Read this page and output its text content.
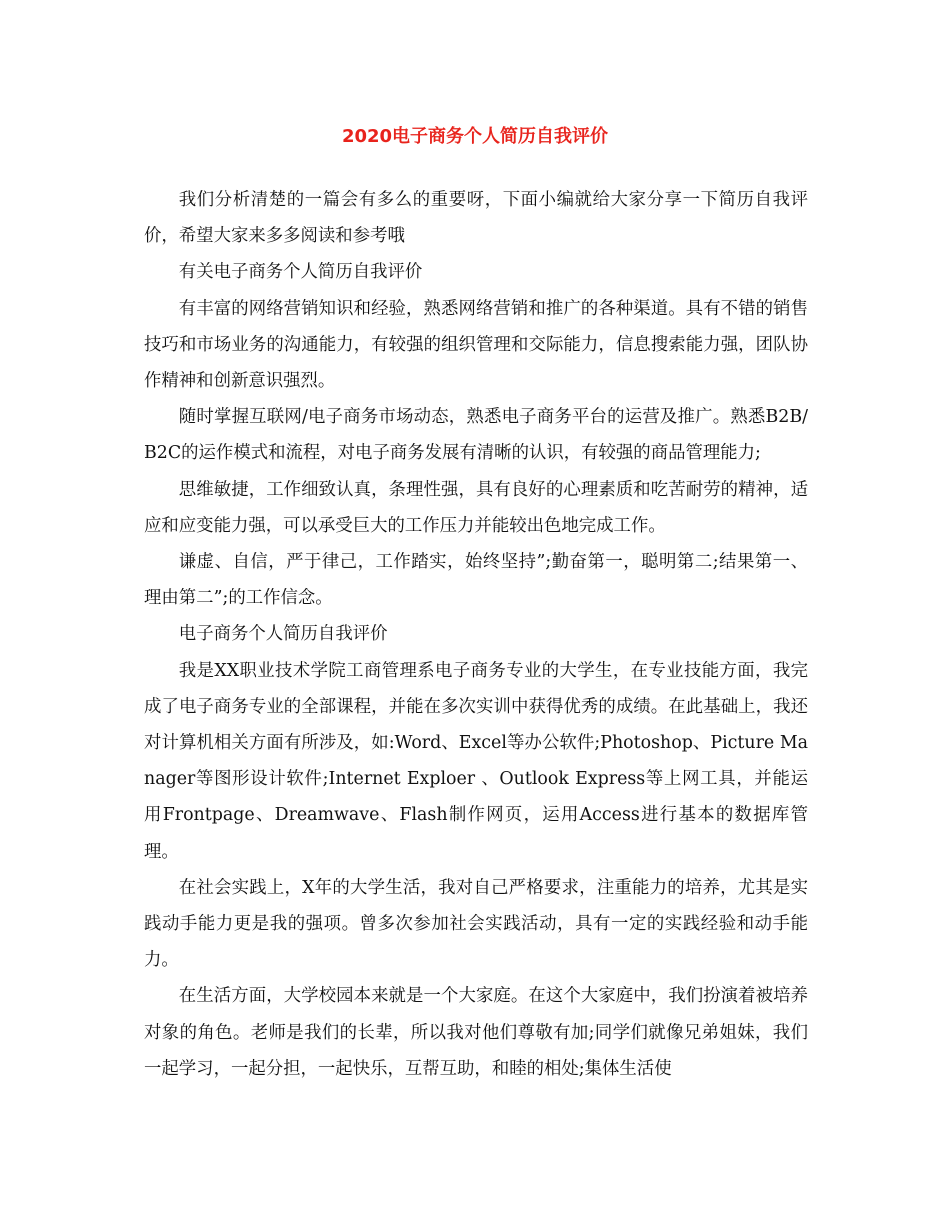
2020电子商务个人简历自我评价

我们分析清楚的一篇会有多么的重要呀，下面小编就给大家分享一下简历自我评价，希望大家来多多阅读和参考哦

有关电子商务个人简历自我评价

有丰富的网络营销知识和经验，熟悉网络营销和推广的各种渠道。具有不错的销售技巧和市场业务的沟通能力，有较强的组织管理和交际能力，信息搜索能力强，团队协作精神和创新意识强烈。

随时掌握互联网/电子商务市场动态，熟悉电子商务平台的运营及推广。熟悉B2B/B2C的运作模式和流程，对电子商务发展有清晰的认识，有较强的商品管理能力;

思维敏捷，工作细致认真，条理性强，具有良好的心理素质和吃苦耐劳的精神，适应和应变能力强，可以承受巨大的工作压力并能较出色地完成工作。

谦虚、自信，严于律己，工作踏实，始终坚持”;勤奋第一，聪明第二;结果第一、理由第二”;的工作信念。

电子商务个人简历自我评价

我是XX职业技术学院工商管理系电子商务专业的大学生，在专业技能方面，我完成了电子商务专业的全部课程，并能在多次实训中获得优秀的成绩。在此基础上，我还对计算机相关方面有所涉及，如:Word、Excel等办公软件;Photoshop、Picture Manager等图形设计软件;Internet Exploer 、Outlook Express等上网工具，并能运用Frontpage、Dreamwave、Flash制作网页，运用Access进行基本的数据库管理。

在社会实践上，X年的大学生活，我对自己严格要求，注重能力的培养，尤其是实践动手能力更是我的强项。曾多次参加社会实践活动，具有一定的实践经验和动手能力。

在生活方面，大学校园本来就是一个大家庭。在这个大家庭中，我们扮演着被培养对象的角色。老师是我们的长辈，所以我对他们尊敬有加;同学们就像兄弟姐妹，我们一起学习，一起分担，一起快乐，互帮互助，和睦的相处;集体生活使
